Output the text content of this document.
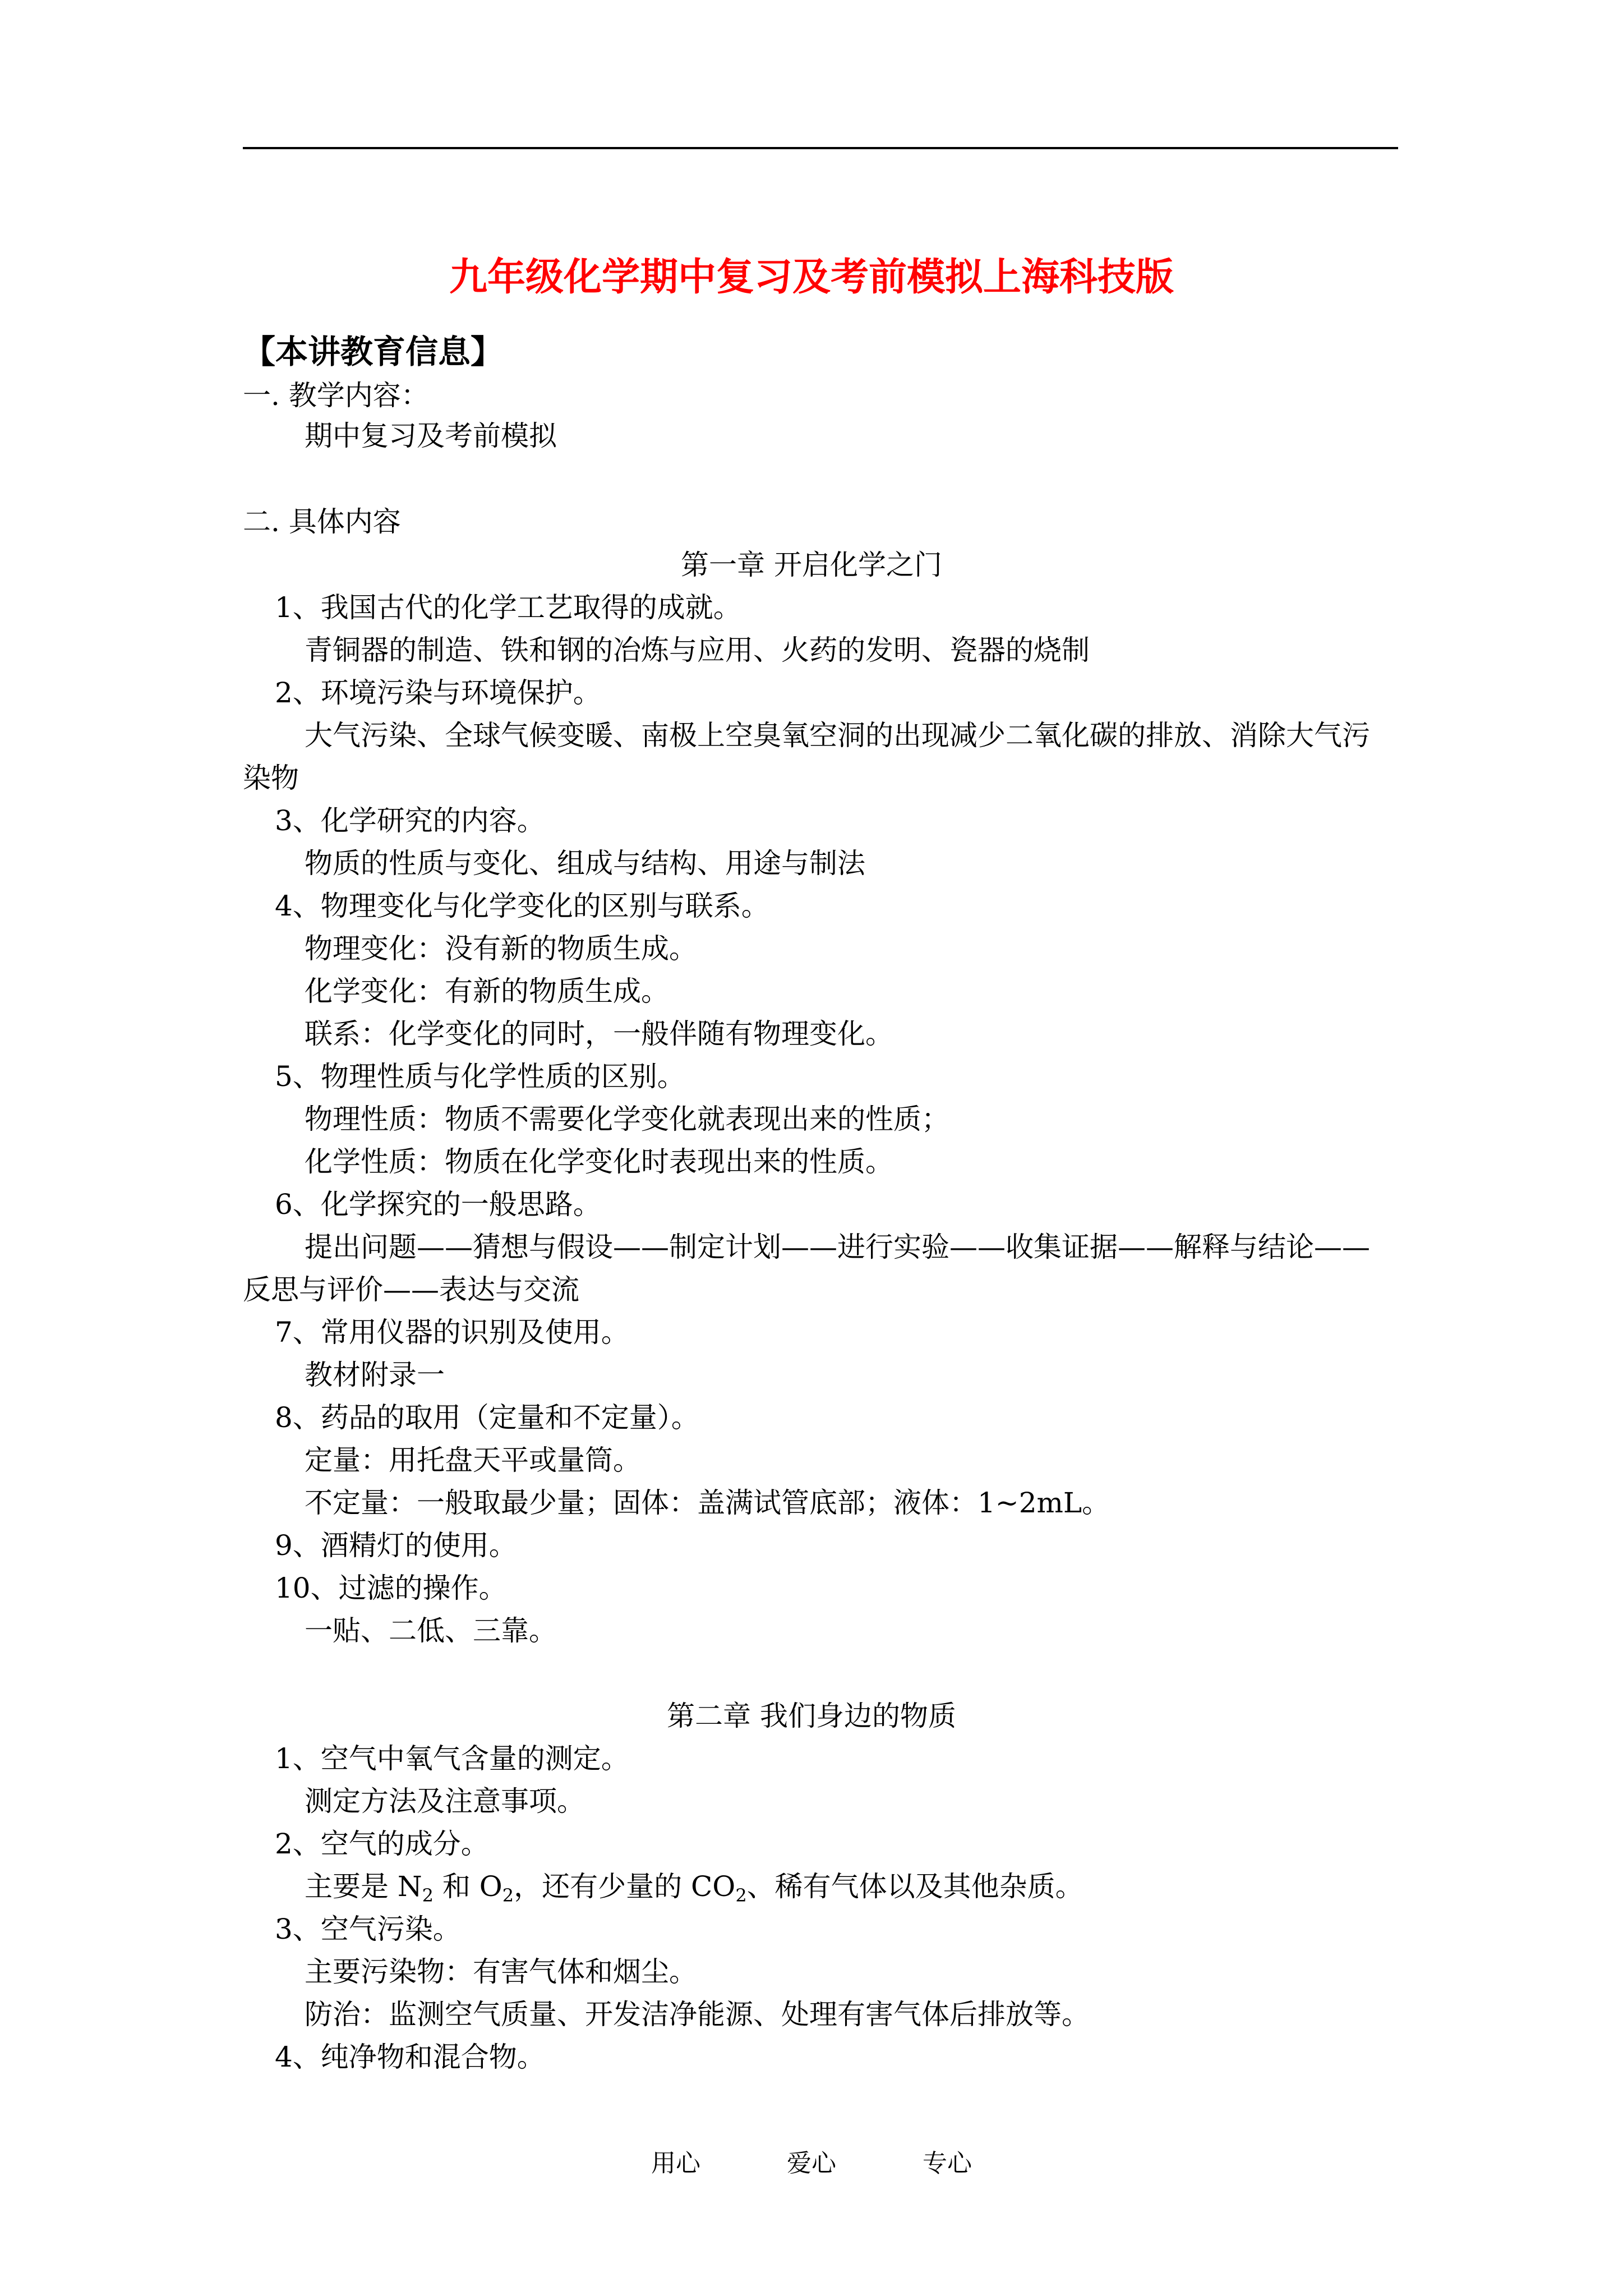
九年级化学期中复习及考前模拟上海科技版
【本讲教育信息】
一. 教学内容：
期中复习及考前模拟
二. 具体内容
第一章 开启化学之门
1、我国古代的化学工艺取得的成就。
青铜器的制造、铁和钢的冶炼与应用、火药的发明、瓷器的烧制
2、环境污染与环境保护。
大气污染、全球气候变暖、南极上空臭氧空洞的出现减少二氧化碳的排放、消除大气污
染物
3、化学研究的内容。
物质的性质与变化、组成与结构、用途与制法
4、物理变化与化学变化的区别与联系。
物理变化：没有新的物质生成。
化学变化：有新的物质生成。
联系：化学变化的同时，一般伴随有物理变化。
5、物理性质与化学性质的区别。
物理性质：物质不需要化学变化就表现出来的性质；
化学性质：物质在化学变化时表现出来的性质。
6、化学探究的一般思路。
提出问题——猜想与假设——制定计划——进行实验——收集证据——解释与结论——
反思与评价——表达与交流
7、常用仪器的识别及使用。
教材附录一
8、药品的取用（定量和不定量）。
定量：用托盘天平或量筒。
不定量：一般取最少量；固体：盖满试管底部；液体：1~2mL。
9、酒精灯的使用。
10、过滤的操作。
一贴、二低、三靠。
第二章 我们身边的物质
1、空气中氧气含量的测定。
测定方法及注意事项。
2、空气的成分。
主要是 $N_2$ 和 $O_2$，还有少量的 $CO_2$、稀有气体以及其他杂质。
3、空气污染。
主要污染物：有害气体和烟尘。
防治：监测空气质量、开发洁净能源、处理有害气体后排放等。
4、纯净物和混合物。
用心	爱心	专心
